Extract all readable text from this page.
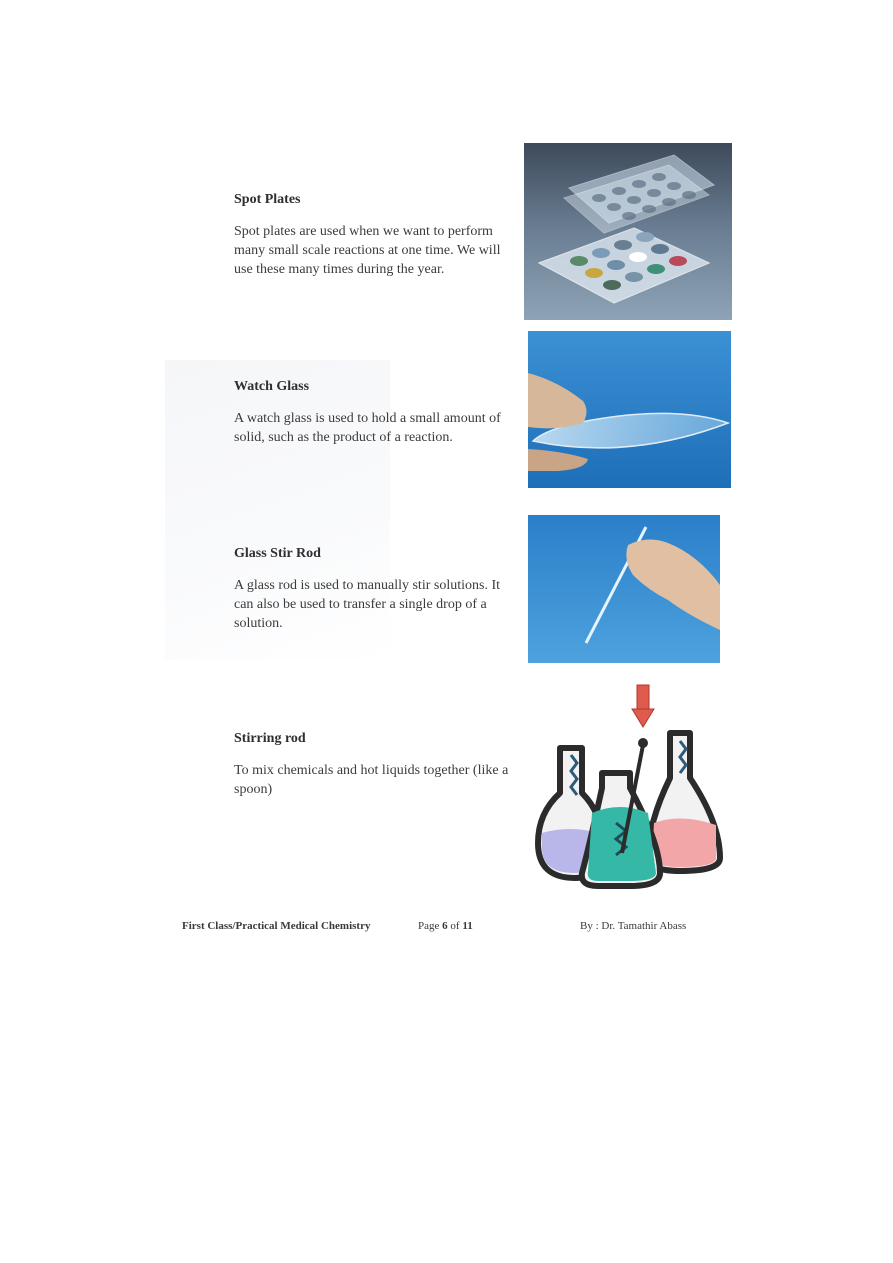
Spot Plates

Spot plates are used when we want to perform many small scale reactions at one time. We will use these many times during the year.

Watch Glass

A watch glass is used to hold a small amount of solid, such as the product of a reaction.

Glass Stir Rod

A glass rod is used to manually stir solutions. It can also be used to transfer a single drop of a solution.

Stirring rod

To mix chemicals and hot liquids together (like a spoon)

First Class/Practical Medical Chemistry	Page 6 of 11	By : Dr. Tamathir Abass
